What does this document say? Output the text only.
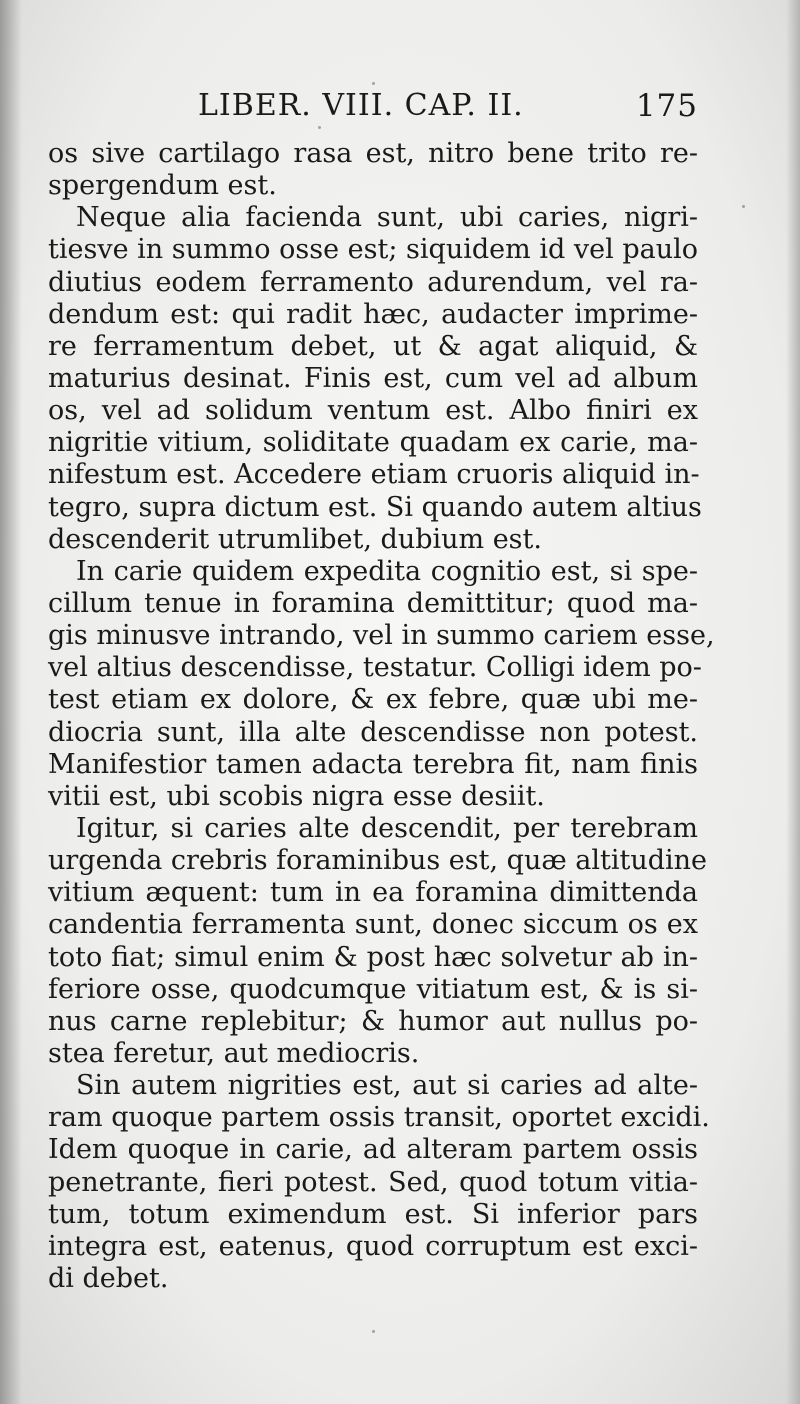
LIBER. VIII. CAP. II.	175
os sive cartilago rasa est, nitro bene trito re-
spergendum est.
Neque alia facienda sunt, ubi caries, nigri-
tiesve in summo osse est; siquidem id vel paulo
diutius eodem ferramento adurendum, vel ra-
dendum est: qui radit hæc, audacter imprime-
re ferramentum debet, ut & agat aliquid, &
maturius desinat. Finis est, cum vel ad album
os, vel ad solidum ventum est. Albo finiri ex
nigritie vitium, soliditate quadam ex carie, ma-
nifestum est. Accedere etiam cruoris aliquid in-
tegro, supra dictum est. Si quando autem altius
descenderit utrumlibet, dubium est.
In carie quidem expedita cognitio est, si spe-
cillum tenue in foramina demittitur; quod ma-
gis minusve intrando, vel in summo cariem esse,
vel altius descendisse, testatur. Colligi idem po-
test etiam ex dolore, & ex febre, quæ ubi me-
diocria sunt, illa alte descendisse non potest.
Manifestior tamen adacta terebra fit, nam finis
vitii est, ubi scobis nigra esse desiit.
Igitur, si caries alte descendit, per terebram
urgenda crebris foraminibus est, quæ altitudine
vitium æquent: tum in ea foramina dimittenda
candentia ferramenta sunt, donec siccum os ex
toto fiat; simul enim & post hæc solvetur ab in-
feriore osse, quodcumque vitiatum est, & is si-
nus carne replebitur; & humor aut nullus po-
stea feretur, aut mediocris.
Sin autem nigrities est, aut si caries ad alte-
ram quoque partem ossis transit, oportet excidi.
Idem quoque in carie, ad alteram partem ossis
penetrante, fieri potest. Sed, quod totum vitia-
tum, totum eximendum est. Si inferior pars
integra est, eatenus, quod corruptum est exci-
di debet.
